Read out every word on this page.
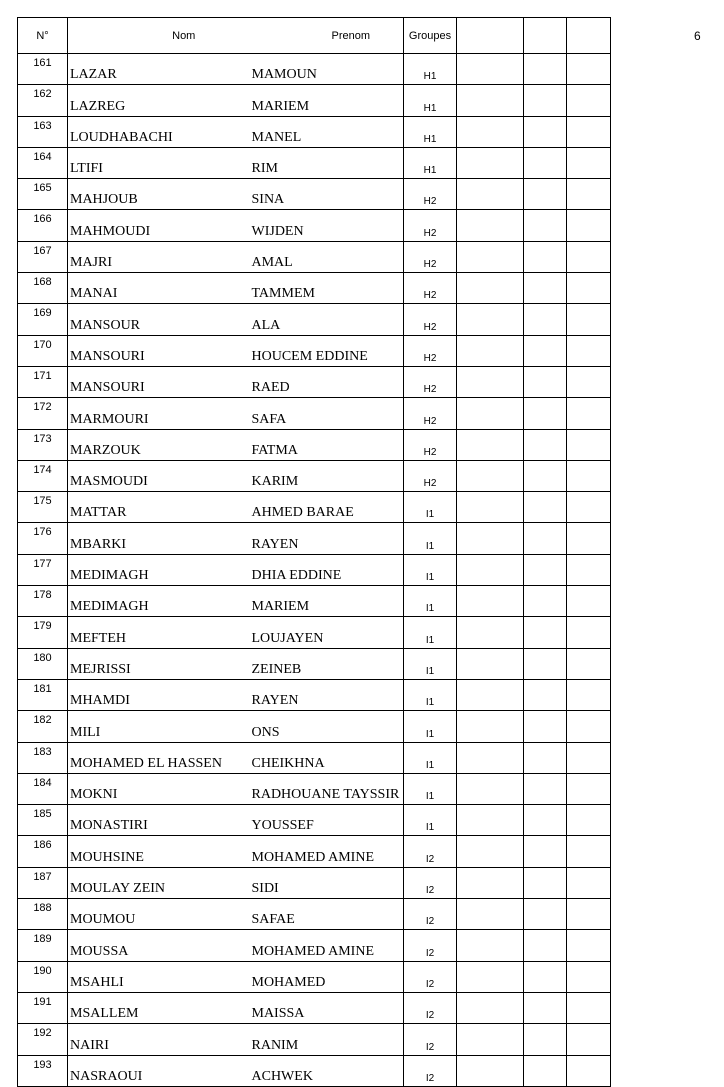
6
N°	Nom	Prenom	Groupes			
161	LAZAR	MAMOUN	H1			
162	LAZREG	MARIEM	H1			
163	LOUDHABACHI	MANEL	H1			
164	LTIFI	RIM	H1			
165	MAHJOUB	SINA	H2			
166	MAHMOUDI	WIJDEN	H2			
167	MAJRI	AMAL	H2			
168	MANAI	TAMMEM	H2			
169	MANSOUR	ALA	H2			
170	MANSOURI	HOUCEM EDDINE	H2			
171	MANSOURI	RAED	H2			
172	MARMOURI	SAFA	H2			
173	MARZOUK	FATMA	H2			
174	MASMOUDI	KARIM	H2			
175	MATTAR	AHMED BARAE	I1			
176	MBARKI	RAYEN	I1			
177	MEDIMAGH	DHIA EDDINE	I1			
178	MEDIMAGH	MARIEM	I1			
179	MEFTEH	LOUJAYEN	I1			
180	MEJRISSI	ZEINEB	I1			
181	MHAMDI	RAYEN	I1			
182	MILI	ONS	I1			
183	MOHAMED EL HASSEN	CHEIKHNA	I1			
184	MOKNI	RADHOUANE TAYSSIR	I1			
185	MONASTIRI	YOUSSEF	I1			
186	MOUHSINE	MOHAMED AMINE	I2			
187	MOULAY ZEIN	SIDI	I2			
188	MOUMOU	SAFAE	I2			
189	MOUSSA	MOHAMED AMINE	I2			
190	MSAHLI	MOHAMED	I2			
191	MSALLEM	MAISSA	I2			
192	NAIRI	RANIM	I2			
193	NASRAOUI	ACHWEK	I2			
